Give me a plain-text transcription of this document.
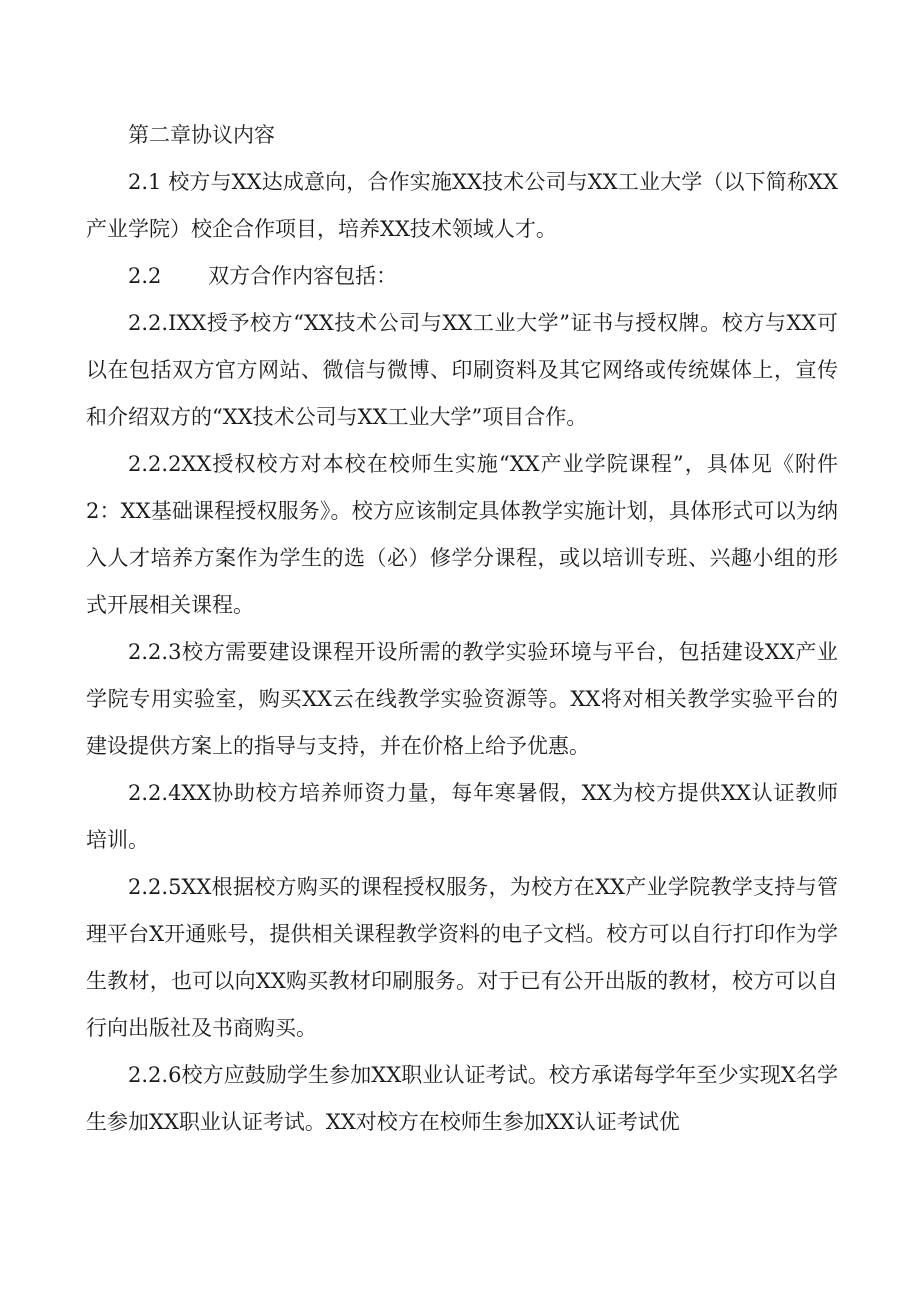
第二章协议内容

2.1 校方与XX达成意向，合作实施XX技术公司与XX工业大学（以下简称XX产业学院）校企合作项目，培养XX技术领域人才。

2.2       双方合作内容包括：

2.2.IXX授予校方“XX技术公司与XX工业大学”证书与授权牌。校方与XX可以在包括双方官方网站、微信与微博、印刷资料及其它网络或传统媒体上，宣传和介绍双方的“XX技术公司与XX工业大学”项目合作。

2.2.2XX授权校方对本校在校师生实施“XX产业学院课程”，具体见《附件2：XX基础课程授权服务》。校方应该制定具体教学实施计划，具体形式可以为纳入人才培养方案作为学生的选（必）修学分课程，或以培训专班、兴趣小组的形式开展相关课程。

2.2.3校方需要建设课程开设所需的教学实验环境与平台，包括建设XX产业学院专用实验室，购买XX云在线教学实验资源等。XX将对相关教学实验平台的建设提供方案上的指导与支持，并在价格上给予优惠。

2.2.4XX协助校方培养师资力量，每年寒暑假，XX为校方提供XX认证教师培训。

2.2.5XX根据校方购买的课程授权服务，为校方在XX产业学院教学支持与管理平台X开通账号，提供相关课程教学资料的电子文档。校方可以自行打印作为学生教材，也可以向XX购买教材印刷服务。对于已有公开出版的教材，校方可以自行向出版社及书商购买。

2.2.6校方应鼓励学生参加XX职业认证考试。校方承诺每学年至少实现X名学生参加XX职业认证考试。XX对校方在校师生参加XX认证考试优
